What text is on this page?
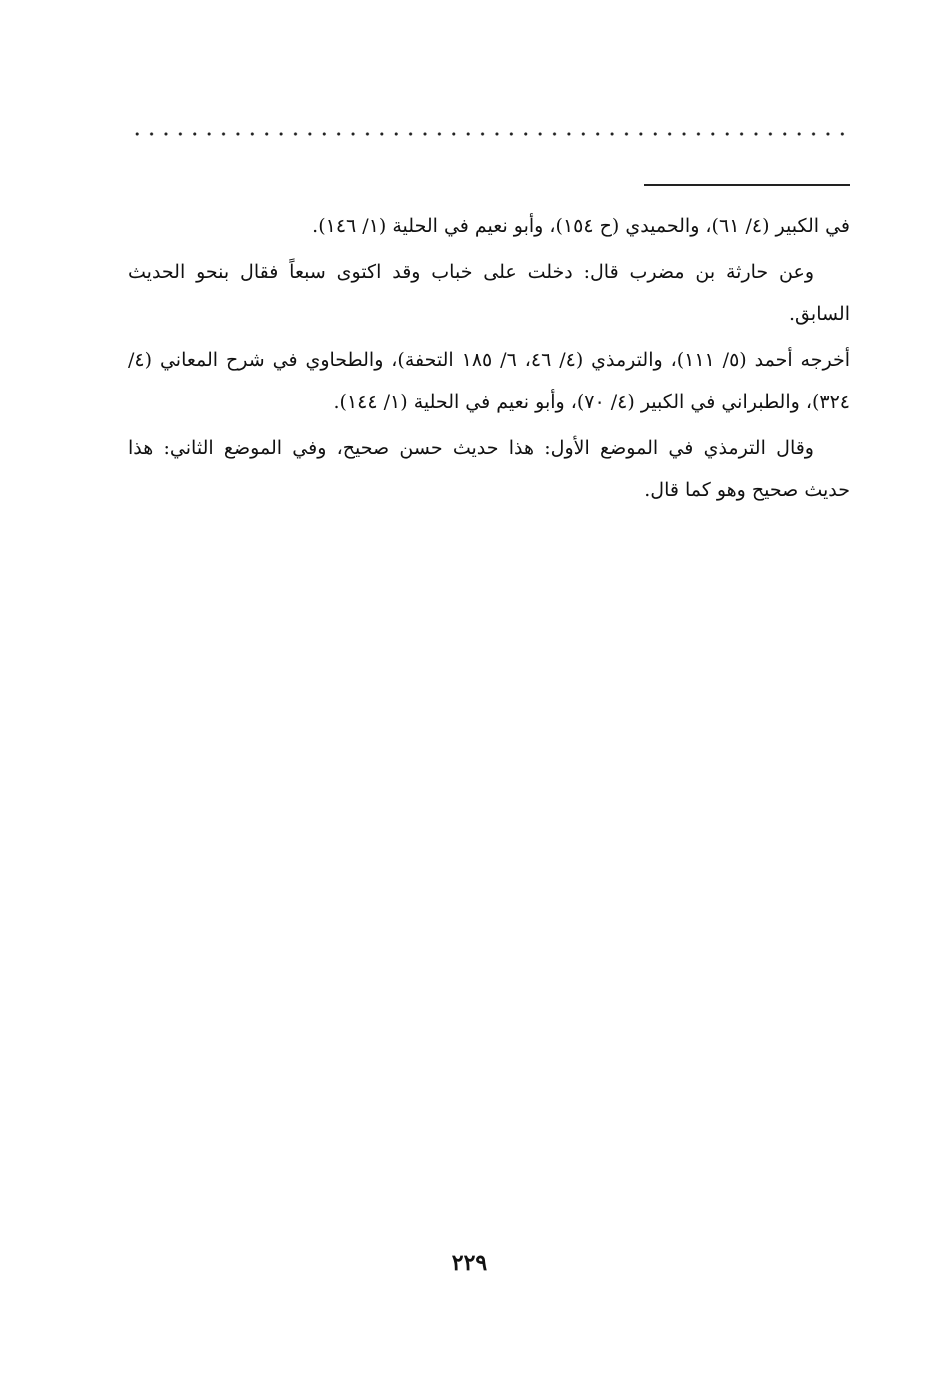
في الكبير (٤/ ٦١)، والحميدي (ح ١٥٤)، وأبو نعيم في الحلية (١/ ١٤٦).

وعن حارثة بن مضرب قال: دخلت على خباب وقد اكتوى سبعاً فقال بنحو الحديث السابق.

أخرجه أحمد (٥/ ١١١)، والترمذي (٤/ ٤٦، ٦/ ١٨٥ التحفة)، والطحاوي في شرح المعاني (٤/ ٣٢٤)، والطبراني في الكبير (٤/ ٧٠)، وأبو نعيم في الحلية (١/ ١٤٤).

وقال الترمذي في الموضع الأول: هذا حديث حسن صحيح، وفي الموضع الثاني: هذا حديث صحيح وهو كما قال.

٢٢٩
